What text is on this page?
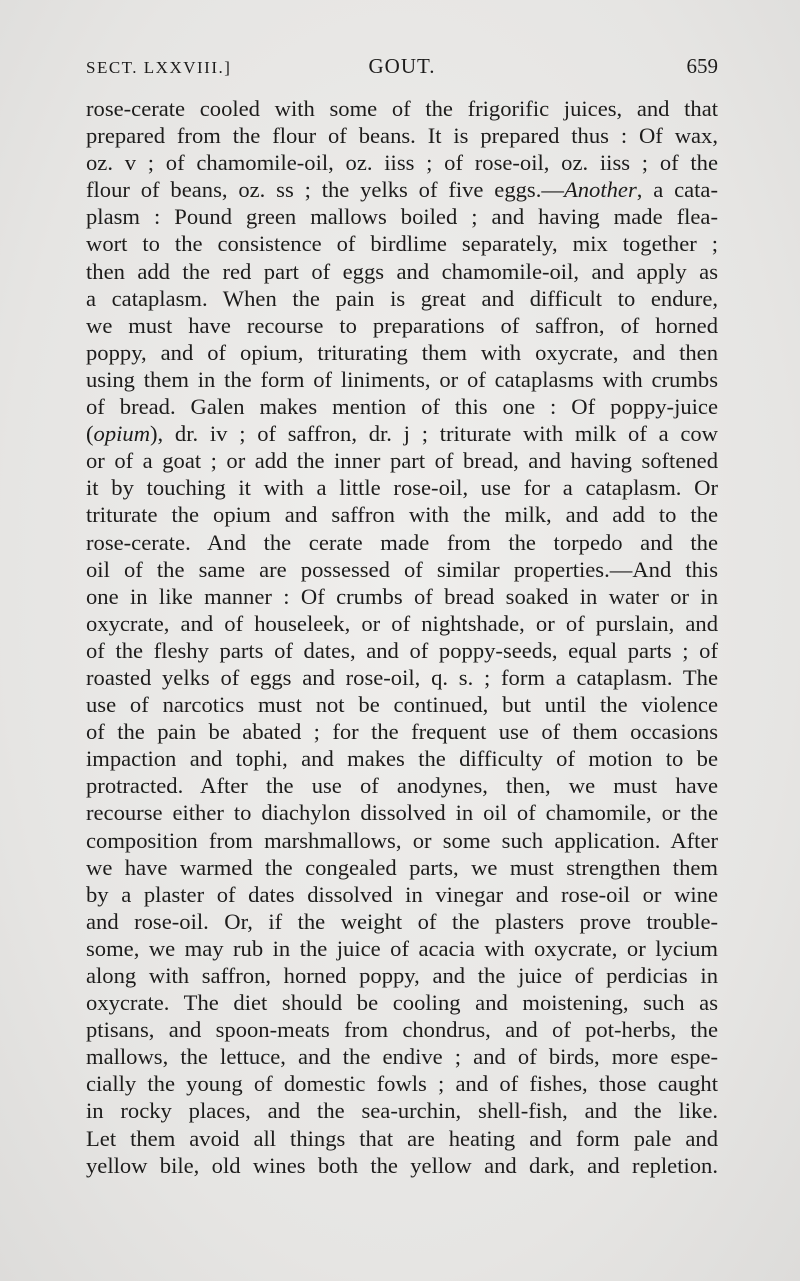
SECT. LXXVIII.]	GOUT.	659
rose-cerate cooled with some of the frigorific juices, and that
prepared from the flour of beans. It is prepared thus : Of wax,
oz. v ; of chamomile-oil, oz. iiss ; of rose-oil, oz. iiss ; of the
flour of beans, oz. ss ; the yelks of five eggs.—Another, a cata-
plasm : Pound green mallows boiled ; and having made flea-
wort to the consistence of birdlime separately, mix together ;
then add the red part of eggs and chamomile-oil, and apply as
a cataplasm. When the pain is great and difficult to endure,
we must have recourse to preparations of saffron, of horned
poppy, and of opium, triturating them with oxycrate, and then
using them in the form of liniments, or of cataplasms with crumbs
of bread. Galen makes mention of this one : Of poppy-juice
(opium), dr. iv ; of saffron, dr. j ; triturate with milk of a cow
or of a goat ; or add the inner part of bread, and having softened
it by touching it with a little rose-oil, use for a cataplasm. Or
triturate the opium and saffron with the milk, and add to the
rose-cerate. And the cerate made from the torpedo and the
oil of the same are possessed of similar properties.—And this
one in like manner : Of crumbs of bread soaked in water or in
oxycrate, and of houseleek, or of nightshade, or of purslain, and
of the fleshy parts of dates, and of poppy-seeds, equal parts ; of
roasted yelks of eggs and rose-oil, q. s. ; form a cataplasm. The
use of narcotics must not be continued, but until the violence
of the pain be abated ; for the frequent use of them occasions
impaction and tophi, and makes the difficulty of motion to be
protracted. After the use of anodynes, then, we must have
recourse either to diachylon dissolved in oil of chamomile, or the
composition from marshmallows, or some such application. After
we have warmed the congealed parts, we must strengthen them
by a plaster of dates dissolved in vinegar and rose-oil or wine
and rose-oil. Or, if the weight of the plasters prove trouble-
some, we may rub in the juice of acacia with oxycrate, or lycium
along with saffron, horned poppy, and the juice of perdicias in
oxycrate. The diet should be cooling and moistening, such as
ptisans, and spoon-meats from chondrus, and of pot-herbs, the
mallows, the lettuce, and the endive ; and of birds, more espe-
cially the young of domestic fowls ; and of fishes, those caught
in rocky places, and the sea-urchin, shell-fish, and the like.
Let them avoid all things that are heating and form pale and
yellow bile, old wines both the yellow and dark, and repletion.
